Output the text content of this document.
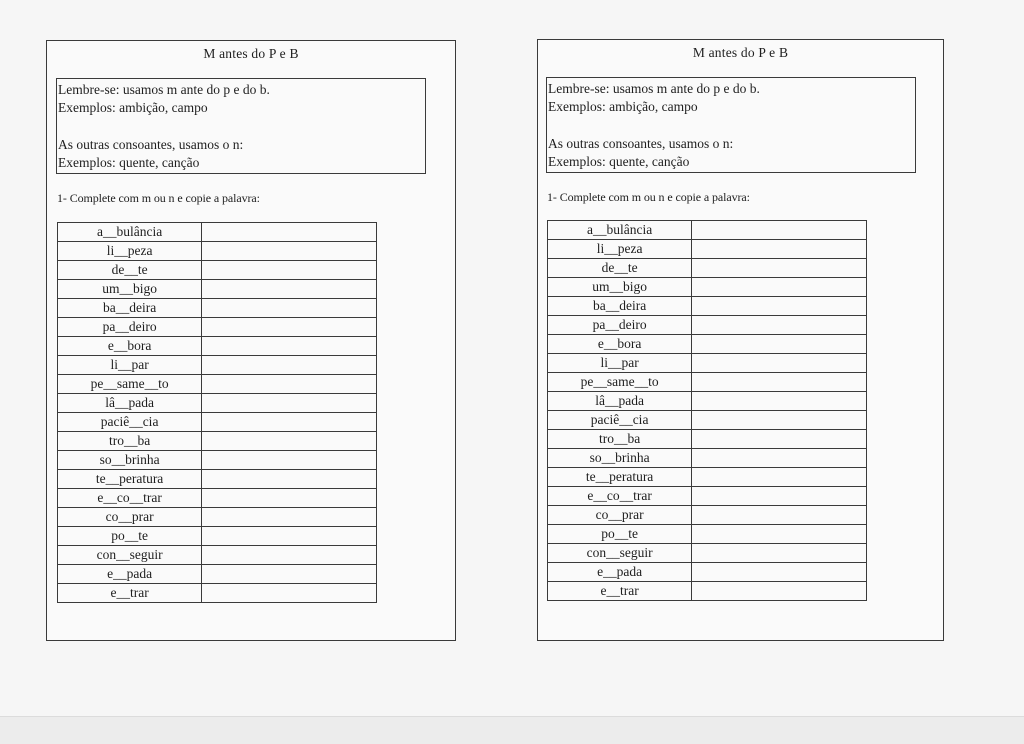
M antes do P e B
Lembre-se: usamos m ante do p e do b.
Exemplos: ambição, campo
As outras consoantes, usamos o n:
Exemplos: quente, canção
1- Complete com m ou n e copie a palavra:
a__bulância	
li__peza	
de__te	
um__bigo	
ba__deira	
pa__deiro	
e__bora	
li__par	
pe__same__to	
lâ__pada	
paciê__cia	
tro__ba	
so__brinha	
te__peratura	
e__co__trar	
co__prar	
po__te	
con__seguir	
e__pada	
e__trar	
M antes do P e B
Lembre-se: usamos m ante do p e do b.
Exemplos: ambição, campo
As outras consoantes, usamos o n:
Exemplos: quente, canção
1- Complete com m ou n e copie a palavra:
a__bulância	
li__peza	
de__te	
um__bigo	
ba__deira	
pa__deiro	
e__bora	
li__par	
pe__same__to	
lâ__pada	
paciê__cia	
tro__ba	
so__brinha	
te__peratura	
e__co__trar	
co__prar	
po__te	
con__seguir	
e__pada	
e__trar	
